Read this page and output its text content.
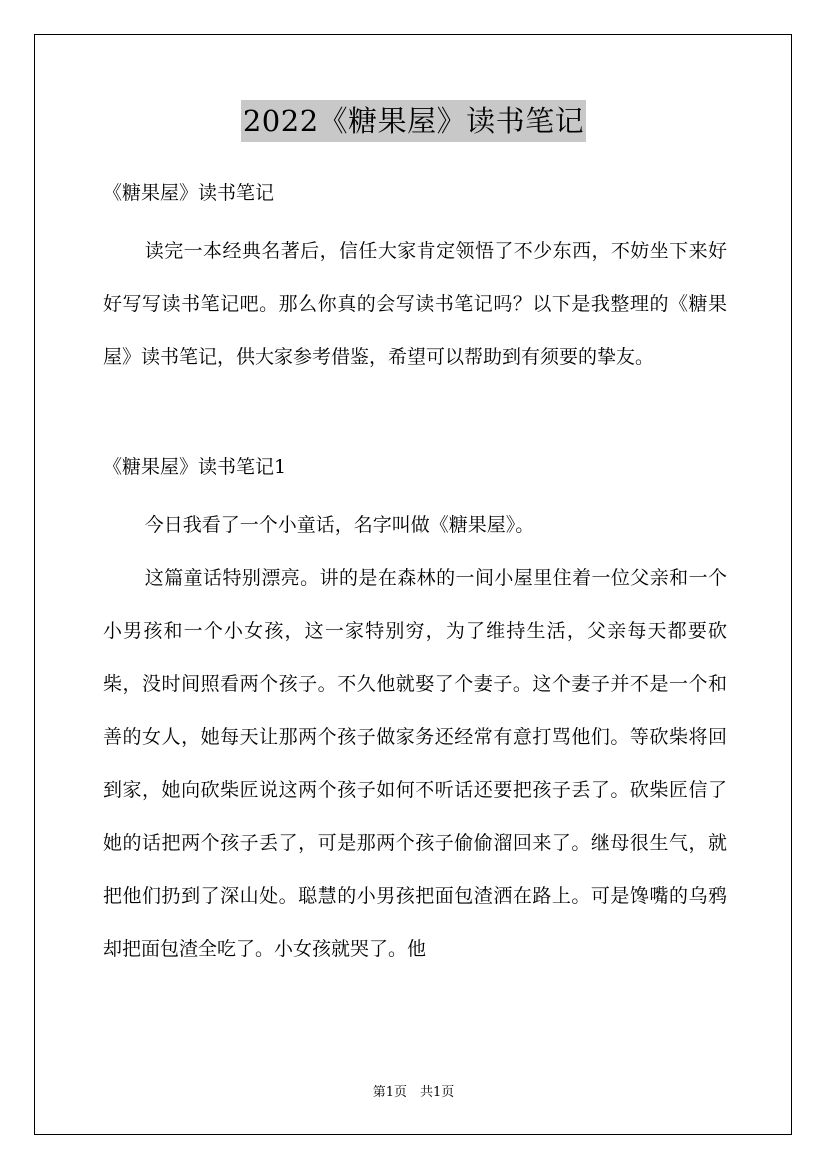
2022《糖果屋》读书笔记

《糖果屋》读书笔记

读完一本经典名著后，信任大家肯定领悟了不少东西，不妨坐下来好好写写读书笔记吧。那么你真的会写读书笔记吗？以下是我整理的《糖果屋》读书笔记，供大家参考借鉴，希望可以帮助到有须要的挚友。

《糖果屋》读书笔记1

今日我看了一个小童话，名字叫做《糖果屋》。

这篇童话特别漂亮。讲的是在森林的一间小屋里住着一位父亲和一个小男孩和一个小女孩，这一家特别穷，为了维持生活，父亲每天都要砍柴，没时间照看两个孩子。不久他就娶了个妻子。这个妻子并不是一个和善的女人，她每天让那两个孩子做家务还经常有意打骂他们。等砍柴将回到家，她向砍柴匠说这两个孩子如何不听话还要把孩子丢了。砍柴匠信了她的话把两个孩子丢了，可是那两个孩子偷偷溜回来了。继母很生气，就把他们扔到了深山处。聪慧的小男孩把面包渣洒在路上。可是馋嘴的乌鸦却把面包渣全吃了。小女孩就哭了。他

第1页　共1页
